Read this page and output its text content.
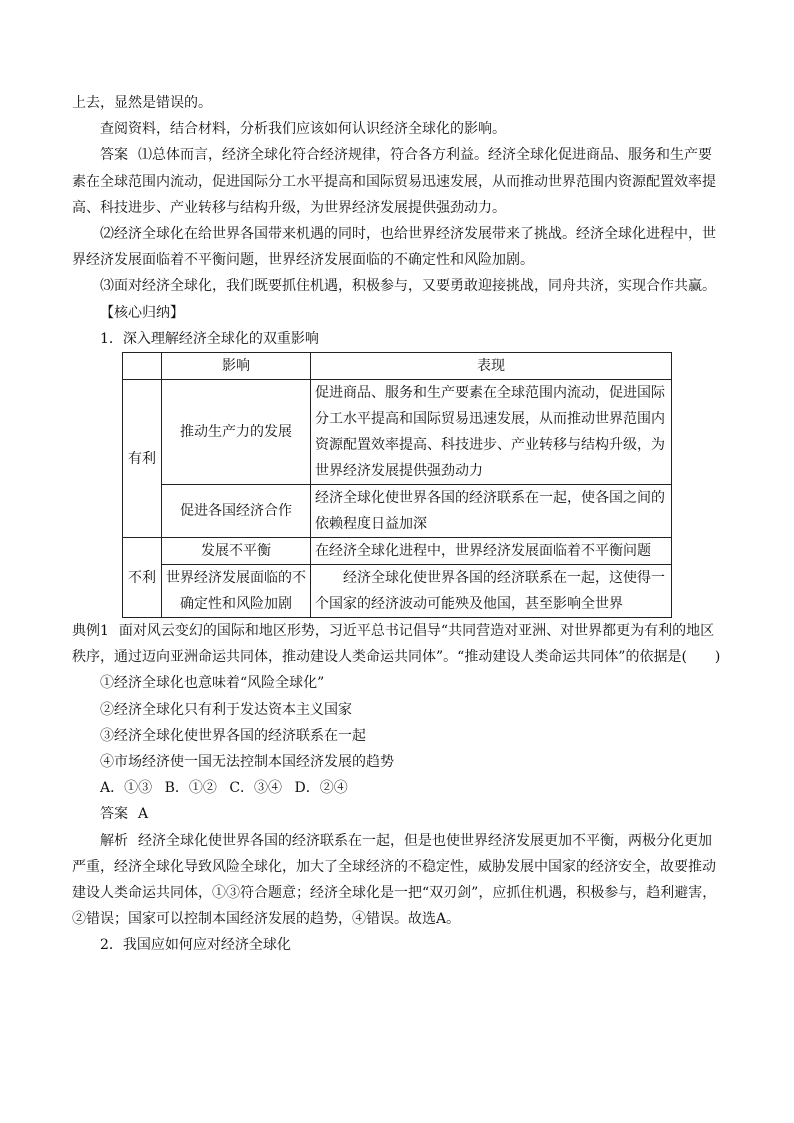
上去，显然是错误的。

查阅资料，结合材料，分析我们应该如何认识经济全球化的影响。

答案 ⑴总体而言，经济全球化符合经济规律，符合各方利益。经济全球化促进商品、服务和生产要素在全球范围内流动，促进国际分工水平提高和国际贸易迅速发展，从而推动世界范围内资源配置效率提高、科技进步、产业转移与结构升级，为世界经济发展提供强劲动力。

⑵经济全球化在给世界各国带来机遇的同时，也给世界经济发展带来了挑战。经济全球化进程中，世界经济发展面临着不平衡问题，世界经济发展面临的不确定性和风险加剧。

⑶面对经济全球化，我们既要抓住机遇，积极参与，又要勇敢迎接挑战，同舟共济，实现合作共赢。

【核心归纳】

1．深入理解经济全球化的双重影响

	影响	表现
有利	推动生产力的发展	促进商品、服务和生产要素在全球范围内流动，促进国际分工水平提高和国际贸易迅速发展，从而推动世界范围内资源配置效率提高、科技进步、产业转移与结构升级，为世界经济发展提供强劲动力
	促进各国经济合作	经济全球化使世界各国的经济联系在一起，使各国之间的依赖程度日益加深
不利	发展不平衡	在经济全球化进程中，世界经济发展面临着不平衡问题
	世界经济发展面临的不确定性和风险加剧	经济全球化使世界各国的经济联系在一起，这使得一个国家的经济波动可能殃及他国，甚至影响全世界

典例1 面对风云变幻的国际和地区形势，习近平总书记倡导“共同营造对亚洲、对世界都更为有利的地区秩序，通过迈向亚洲命运共同体，推动建设人类命运共同体”。“推动建设人类命运共同体”的依据是(　　)

①经济全球化也意味着“风险全球化”

②经济全球化只有利于发达资本主义国家

③经济全球化使世界各国的经济联系在一起

④市场经济使一国无法控制本国经济发展的趋势

A．①③ B．①② C．③④ D．②④

答案 A

解析 经济全球化使世界各国的经济联系在一起，但是也使世界经济发展更加不平衡，两极分化更加严重，经济全球化导致风险全球化，加大了全球经济的不稳定性，威胁发展中国家的经济安全，故要推动建设人类命运共同体，①③符合题意；经济全球化是一把“双刃剑”，应抓住机遇，积极参与，趋利避害，②错误；国家可以控制本国经济发展的趋势，④错误。故选A。

2．我国应如何应对经济全球化
